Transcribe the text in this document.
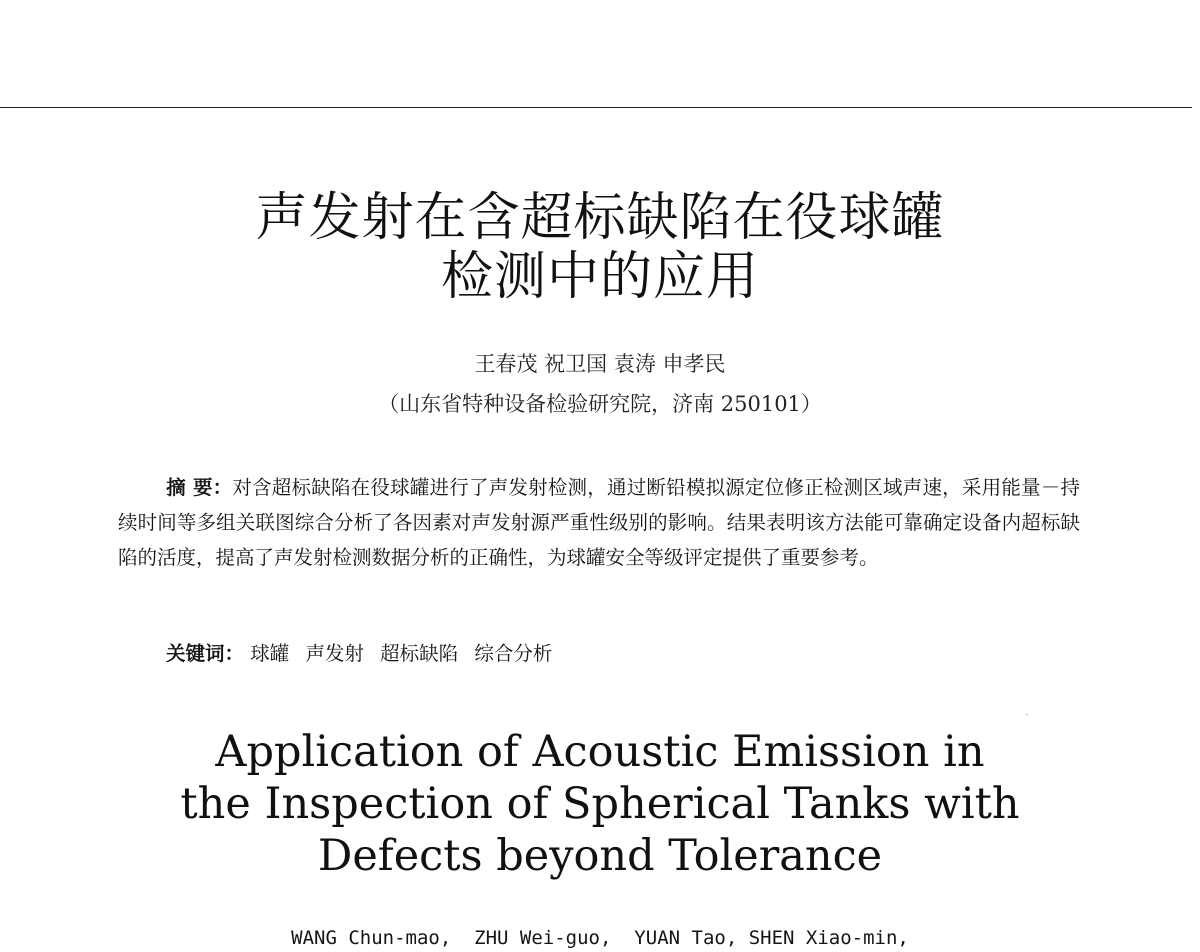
声发射在含超标缺陷在役球罐
检测中的应用
王春茂 祝卫国 袁涛 申孝民
（山东省特种设备检验研究院，济南 250101）
摘 要：对含超标缺陷在役球罐进行了声发射检测，通过断铅模拟源定位修正检测区域声速，采用能量－持续时间等多组关联图综合分析了各因素对声发射源严重性级别的影响。结果表明该方法能可靠确定设备内超标缺陷的活度，提高了声发射检测数据分析的正确性，为球罐安全等级评定提供了重要参考。
关键词： 球罐 声发射 超标缺陷 综合分析
Application of Acoustic Emission in
the Inspection of Spherical Tanks with
Defects beyond Tolerance
WANG Chun-mao,  ZHU Wei-guo,  YUAN Tao, SHEN Xiao-min,
